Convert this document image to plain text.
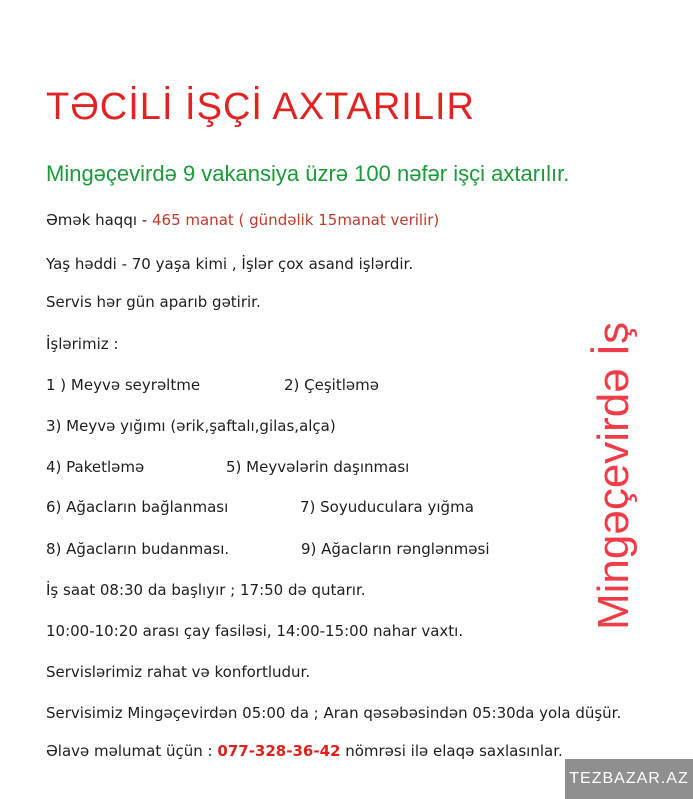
TƏCİLİ İŞÇİ AXTARILIR
Mingəçevirdə 9 vakansiya üzrə 100 nəfər işçi axtarılır.
Əmək haqqı - 465 manat ( gündəlik 15manat verilir)
Yaş həddi - 70 yaşa kimi , İşlər çox asand işlərdir.
Servis hər gün aparıb gətirir.
İşlərimiz :
1 ) Meyvə seyrəltme	2) Çeşitləmə
3) Meyvə yığımı (ərik,şaftalı,gilas,alça)
4) Paketləmə	5) Meyvələrin daşınması
6) Ağacların bağlanması	7) Soyuduculara yığma
8) Ağacların budanması.	9) Ağacların rənglənməsi
İş saat 08:30 da başlıyır ; 17:50 də qutarır.
10:00-10:20 arası çay fasiləsi, 14:00-15:00 nahar vaxtı.
Servislərimiz rahat və konfortludur.
Servisimiz Mingəçevirdən 05:00 da ; Aran qəsəbəsindən 05:30da yola düşür.
Əlavə məlumat üçün : 077-328-36-42 nömrəsi ilə elaqə saxlasınlar.
Mingəçevirdə İş
TEZBAZAR.AZ
